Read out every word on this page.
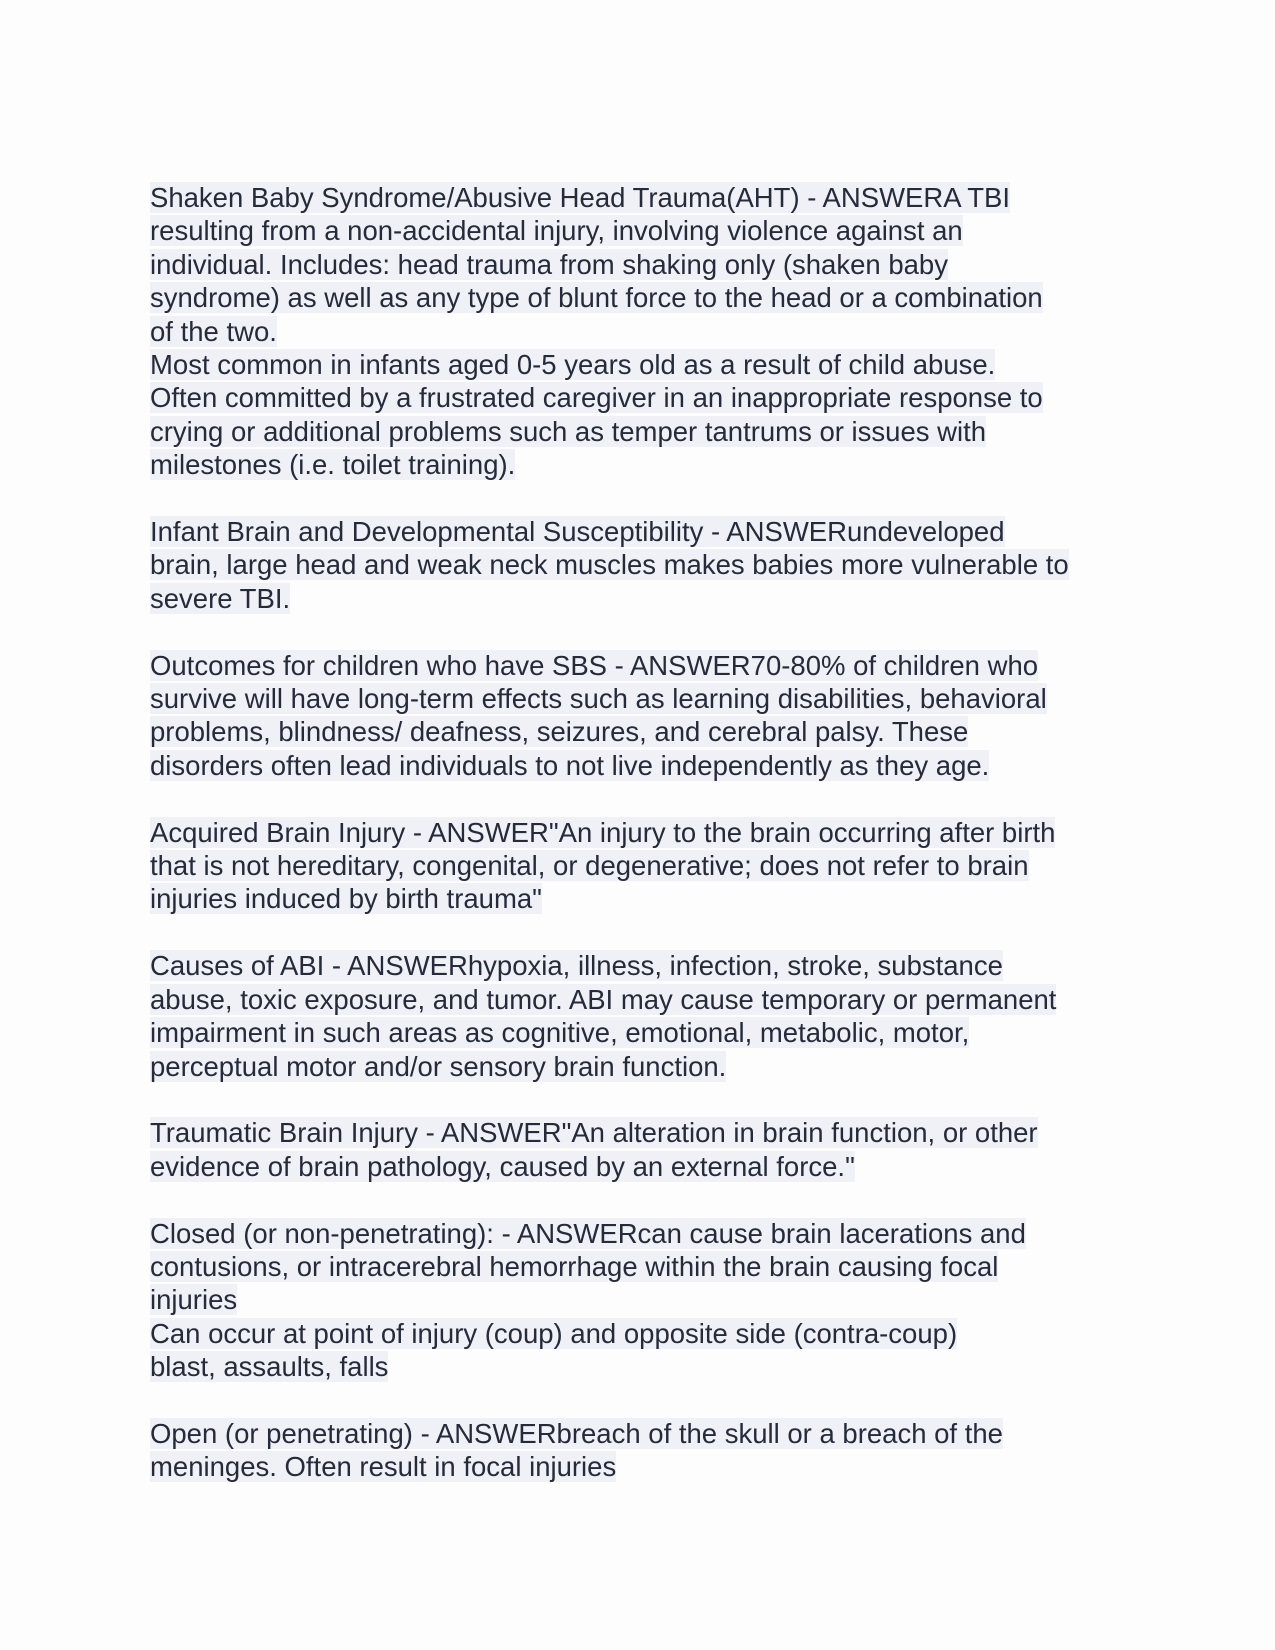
Shaken Baby Syndrome/Abusive Head Trauma(AHT) - ANSWERA TBI
resulting from a non-accidental injury, involving violence against an
individual. Includes: head trauma from shaking only (shaken baby
syndrome) as well as any type of blunt force to the head or a combination
of the two.
Most common in infants aged 0-5 years old as a result of child abuse.
Often committed by a frustrated caregiver in an inappropriate response to
crying or additional problems such as temper tantrums or issues with
milestones (i.e. toilet training).
Infant Brain and Developmental Susceptibility - ANSWERundeveloped
brain, large head and weak neck muscles makes babies more vulnerable to
severe TBI.
Outcomes for children who have SBS - ANSWER70-80% of children who
survive will have long-term effects such as learning disabilities, behavioral
problems, blindness/ deafness, seizures, and cerebral palsy. These
disorders often lead individuals to not live independently as they age.
Acquired Brain Injury - ANSWER"An injury to the brain occurring after birth
that is not hereditary, congenital, or degenerative; does not refer to brain
injuries induced by birth trauma"
Causes of ABI - ANSWERhypoxia, illness, infection, stroke, substance
abuse, toxic exposure, and tumor. ABI may cause temporary or permanent
impairment in such areas as cognitive, emotional, metabolic, motor,
perceptual motor and/or sensory brain function.
Traumatic Brain Injury - ANSWER"An alteration in brain function, or other
evidence of brain pathology, caused by an external force."
Closed (or non-penetrating): - ANSWERcan cause brain lacerations and
contusions, or intracerebral hemorrhage within the brain causing focal
injuries
Can occur at point of injury (coup) and opposite side (contra-coup)
blast, assaults, falls
Open (or penetrating) - ANSWERbreach of the skull or a breach of the
meninges. Often result in focal injuries
